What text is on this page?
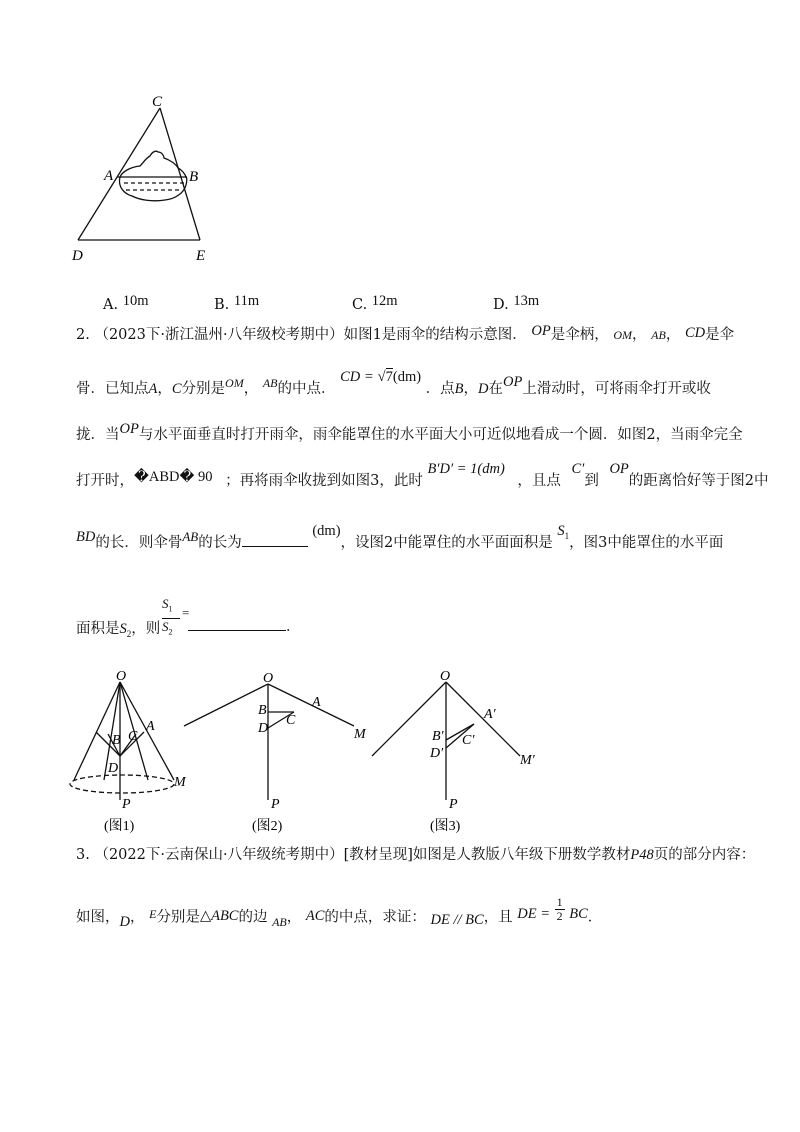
C
A	B
D	E
A. 10m	B. 11m	C. 12m	D. 13m
2. （2023下·浙江温州·八年级校考期中）如图1是雨伞的结构示意图． OP是伞柄， OM， AB， CD是伞
骨．已知点A，C分别是$^{OM}$， $^{AB}$的中点． CD = √7(dm) ．点B，D在OP上滑动时，可将雨伞打开或收
拢．当OP与水平面垂直时打开雨伞，雨伞能罩住的水平面大小可近似地看成一个圆．如图2，当雨伞完全
打开时，�ABD� 90 ；再将雨伞收拢到如图3，此时 B′D′ = 1(dm) ，且点 C′到 OP的距离恰好等于图2中
BD的长．则伞骨AB的长为 (dm)，设图2中能罩住的水平面面积是 $S_1$，图3中能罩住的水平面
面积是$S_2$，则
$S_1$
$S_2$
=
．
O
A
B C
D
M
P
(图1)
O
A
B
C
D	M
P
(图2)
O
A′
B′ C′
D′	M′
P
(图3)
3. （2022下·云南保山·八年级统考期中）[教材呈现]如图是人教版八年级下册数学教材P48页的部分内容：
如图，D， $^E$分别是△ABC的边 $_{AB}$， AC的中点，求证： DE // BC，且 DE = $\frac{1}{2}$ BC．
